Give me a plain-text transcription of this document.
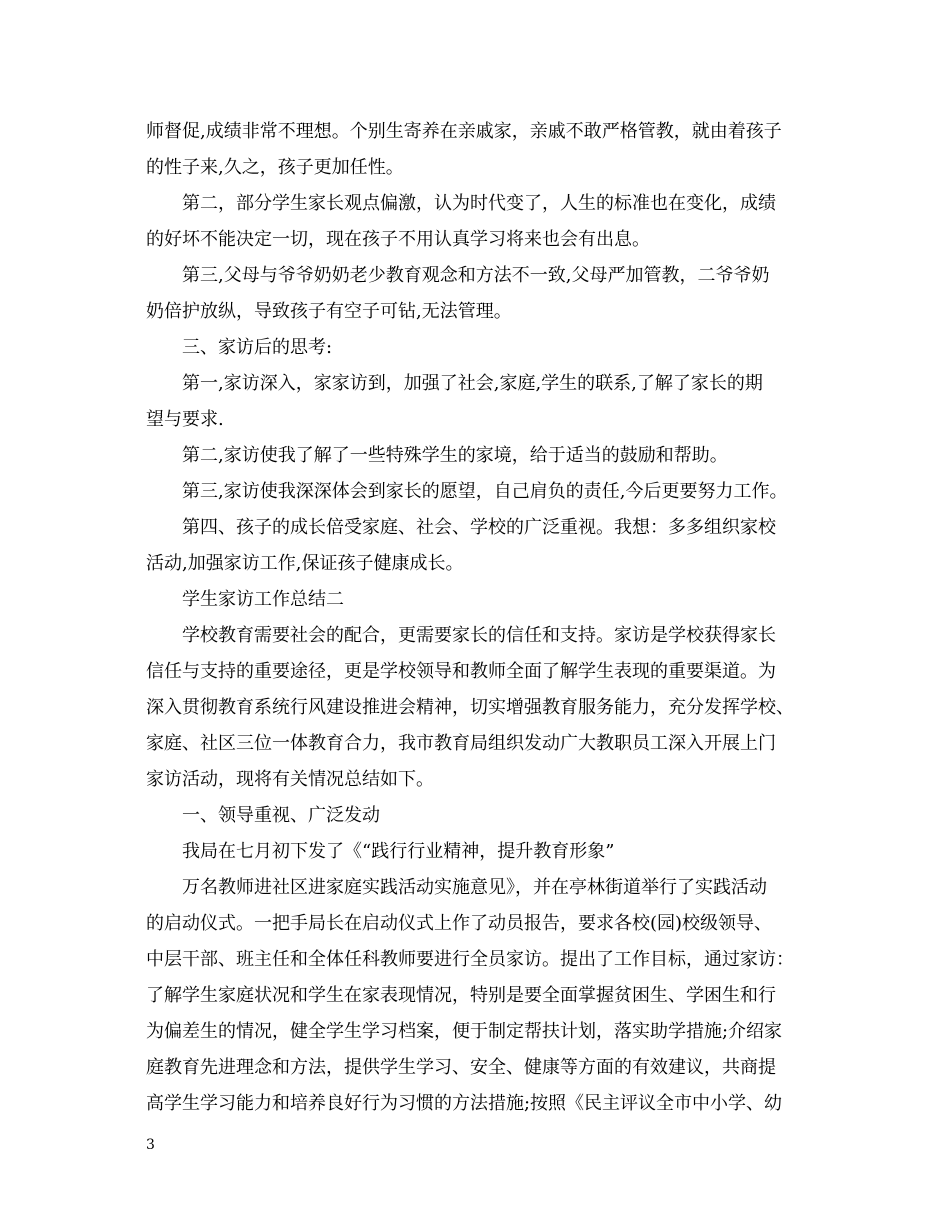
师督促,成绩非常不理想。个别生寄养在亲戚家，亲戚不敢严格管教，就由着孩子
的性子来,久之，孩子更加任性。

第二，部分学生家长观点偏激，认为时代变了，人生的标准也在变化，成绩
的好坏不能决定一切，现在孩子不用认真学习将来也会有出息。

第三,父母与爷爷奶奶老少教育观念和方法不一致,父母严加管教，二爷爷奶
奶倍护放纵，导致孩子有空子可钻,无法管理。

三、家访后的思考:

第一,家访深入，家家访到，加强了社会,家庭,学生的联系,了解了家长的期
望与要求.

第二,家访使我了解了一些特殊学生的家境，给于适当的鼓励和帮助。

第三,家访使我深深体会到家长的愿望，自己肩负的责任,今后更要努力工作。

第四、孩子的成长倍受家庭、社会、学校的广泛重视。我想：多多组织家校
活动,加强家访工作,保证孩子健康成长。

学生家访工作总结二

学校教育需要社会的配合，更需要家长的信任和支持。家访是学校获得家长
信任与支持的重要途径，更是学校领导和教师全面了解学生表现的重要渠道。为
深入贯彻教育系统行风建设推进会精神，切实增强教育服务能力，充分发挥学校、
家庭、社区三位一体教育合力，我市教育局组织发动广大教职员工深入开展上门
家访活动，现将有关情况总结如下。

一、领导重视、广泛发动

我局在七月初下发了《“践行行业精神，提升教育形象”

万名教师进社区进家庭实践活动实施意见》，并在亭林街道举行了实践活动
的启动仪式。一把手局长在启动仪式上作了动员报告，要求各校(园)校级领导、
中层干部、班主任和全体任科教师要进行全员家访。提出了工作目标，通过家访：
了解学生家庭状况和学生在家表现情况，特别是要全面掌握贫困生、学困生和行
为偏差生的情况，健全学生学习档案，便于制定帮扶计划，落实助学措施;介绍家
庭教育先进理念和方法，提供学生学习、安全、健康等方面的有效建议，共商提
高学生学习能力和培养良好行为习惯的方法措施;按照《民主评议全市中小学、幼

3
